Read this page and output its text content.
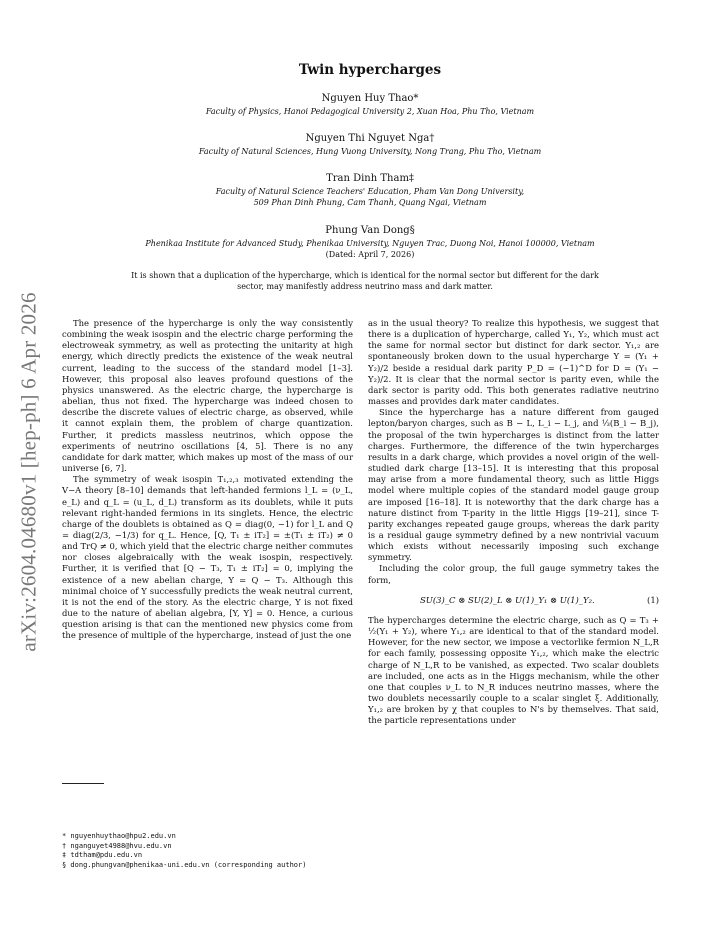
arXiv:2604.04680v1 [hep-ph] 6 Apr 2026
Twin hypercharges
Nguyen Huy Thao*
Faculty of Physics, Hanoi Pedagogical University 2, Xuan Hoa, Phu Tho, Vietnam
Nguyen Thi Nguyet Nga†
Faculty of Natural Sciences, Hung Vuong University, Nong Trang, Phu Tho, Vietnam
Tran Dinh Tham‡
Faculty of Natural Science Teachers' Education, Pham Van Dong University,
509 Phan Dinh Phung, Cam Thanh, Quang Ngai, Vietnam
Phung Van Dong§
Phenikaa Institute for Advanced Study, Phenikaa University, Nguyen Trac, Duong Noi, Hanoi 100000, Vietnam
(Dated: April 7, 2026)
It is shown that a duplication of the hypercharge, which is identical for the normal sector but different for the dark sector, may manifestly address neutrino mass and dark matter.

The presence of the hypercharge is only the way consistently combining the weak isospin and the electric charge performing the electroweak symmetry, as well as protecting the unitarity at high energy, which directly predicts the existence of the weak neutral current, leading to the success of the standard model [1–3]. However, this proposal also leaves profound questions of the physics unanswered. As the electric charge, the hypercharge is abelian, thus not fixed. The hypercharge was indeed chosen to describe the discrete values of electric charge, as observed, while it cannot explain them, the problem of charge quantization. Further, it predicts massless neutrinos, which oppose the experiments of neutrino oscillations [4, 5]. There is no any candidate for dark matter, which makes up most of the mass of our universe [6, 7].

The symmetry of weak isospin T₁,₂,₃ motivated extending the V−A theory [8–10] demands that left-handed fermions l_L = (ν_L, e_L) and q_L = (u_L, d_L) transform as its doublets, while it puts relevant right-handed fermions in its singlets. Hence, the electric charge of the doublets is obtained as Q = diag(0, −1) for l_L and Q = diag(2/3, −1/3) for q_L. Hence, [Q, T₁ ± iT₂] = ±(T₁ ± iT₂) ≠ 0 and TrQ ≠ 0, which yield that the electric charge neither commutes nor closes algebraically with the weak isospin, respectively. Further, it is verified that [Q − T₃, T₁ ± iT₂] = 0, implying the existence of a new abelian charge, Y = Q − T₃. Although this minimal choice of Y successfully predicts the weak neutral current, it is not the end of the story. As the electric charge, Y is not fixed due to the nature of abelian algebra, [Y, Y] = 0. Hence, a curious question arising is that can the mentioned new physics come from the presence of multiple of the hypercharge, instead of just the one

as in the usual theory? To realize this hypothesis, we suggest that there is a duplication of hypercharge, called Y₁, Y₂, which must act the same for normal sector but distinct for dark sector. Y₁,₂ are spontaneously broken down to the usual hypercharge Y = (Y₁ + Y₂)/2 beside a residual dark parity P_D = (−1)^D for D = (Y₁ − Y₂)/2. It is clear that the normal sector is parity even, while the dark sector is parity odd. This both generates radiative neutrino masses and provides dark mater candidates.

Since the hypercharge has a nature different from gauged lepton/baryon charges, such as B − L, L_i − L_j, and ⅓(B_i − B_j), the proposal of the twin hypercharges is distinct from the latter charges. Furthermore, the difference of the twin hypercharges results in a dark charge, which provides a novel origin of the well-studied dark charge [13–15]. It is interesting that this proposal may arise from a more fundamental theory, such as little Higgs model where multiple copies of the standard model gauge group are imposed [16–18]. It is noteworthy that the dark charge has a nature distinct from T-parity in the little Higgs [19–21], since T-parity exchanges repeated gauge groups, whereas the dark parity is a residual gauge symmetry defined by a new nontrivial vacuum which exists without necessarily imposing such exchange symmetry.

Including the color group, the full gauge symmetry takes the form,

SU(3)_C ⊗ SU(2)_L ⊗ U(1)_Y₁ ⊗ U(1)_Y₂.	(1)

The hypercharges determine the electric charge, such as Q = T₃ + ½(Y₁ + Y₂), where Y₁,₂ are identical to that of the standard model. However, for the new sector, we impose a vectorlike fermion N_L,R for each family, possessing opposite Y₁,₂, which make the electric charge of N_L,R to be vanished, as expected. Two scalar doublets are included, one acts as in the Higgs mechanism, while the other one that couples ν_L to N_R induces neutrino masses, where the two doublets necessarily couple to a scalar singlet ξ. Additionally, Y₁,₂ are broken by χ that couples to N's by themselves. That said, the particle representations under

* nguyenhuythao@hpu2.edu.vn
† nganguyet4988@hvu.edu.vn
‡ tdtham@pdu.edu.vn
§ dong.phungvan@phenikaa-uni.edu.vn (corresponding author)
